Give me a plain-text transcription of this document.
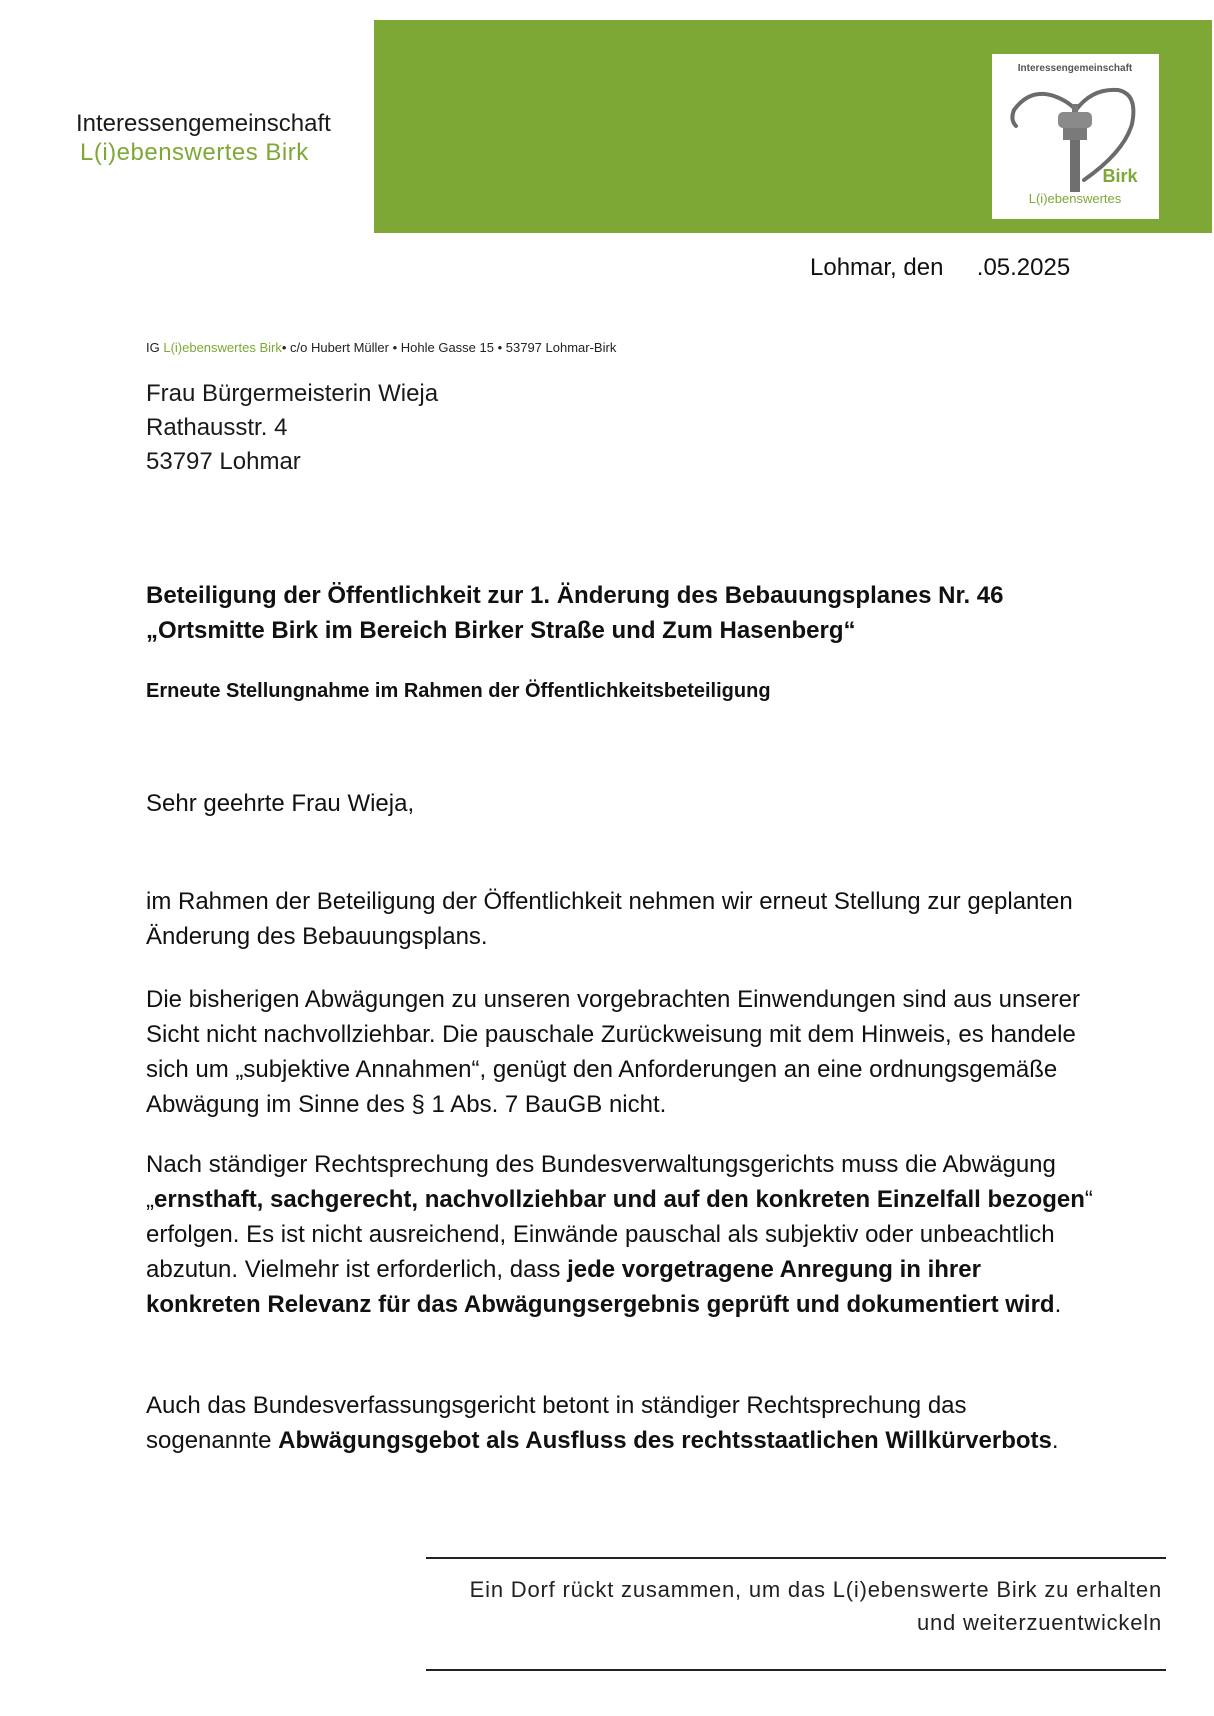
Interessengemeinschaft
L(i)ebenswertes Birk
Interessengemeinschaft
Birk
L(i)ebenswertes
Lohmar, den     .05.2025
IG L(i)ebenswertes Birk• c/o Hubert Müller • Hohle Gasse 15 • 53797 Lohmar-Birk
Frau Bürgermeisterin Wieja
Rathausstr. 4
53797 Lohmar
Beteiligung der Öffentlichkeit zur 1. Änderung des Bebauungsplanes Nr. 46
„Ortsmitte Birk im Bereich Birker Straße und Zum Hasenberg“
Erneute Stellungnahme im Rahmen der Öffentlichkeitsbeteiligung
Sehr geehrte Frau Wieja,
im Rahmen der Beteiligung der Öffentlichkeit nehmen wir erneut Stellung zur geplanten Änderung des Bebauungsplans.
Die bisherigen Abwägungen zu unseren vorgebrachten Einwendungen sind aus unserer Sicht nicht nachvollziehbar. Die pauschale Zurückweisung mit dem Hinweis, es handele sich um „subjektive Annahmen“, genügt den Anforderungen an eine ordnungsgemäße Abwägung im Sinne des § 1 Abs. 7 BauGB nicht.
Nach ständiger Rechtsprechung des Bundesverwaltungsgerichts muss die Abwägung „ernsthaft, sachgerecht, nachvollziehbar und auf den konkreten Einzelfall bezogen“ erfolgen. Es ist nicht ausreichend, Einwände pauschal als subjektiv oder unbeachtlich abzutun. Vielmehr ist erforderlich, dass jede vorgetragene Anregung in ihrer konkreten Relevanz für das Abwägungsergebnis geprüft und dokumentiert wird.
Auch das Bundesverfassungsgericht betont in ständiger Rechtsprechung das sogenannte Abwägungsgebot als Ausfluss des rechtsstaatlichen Willkürverbots.
Ein Dorf rückt zusammen, um das L(i)ebenswerte Birk zu erhalten
und weiterzuentwickeln
